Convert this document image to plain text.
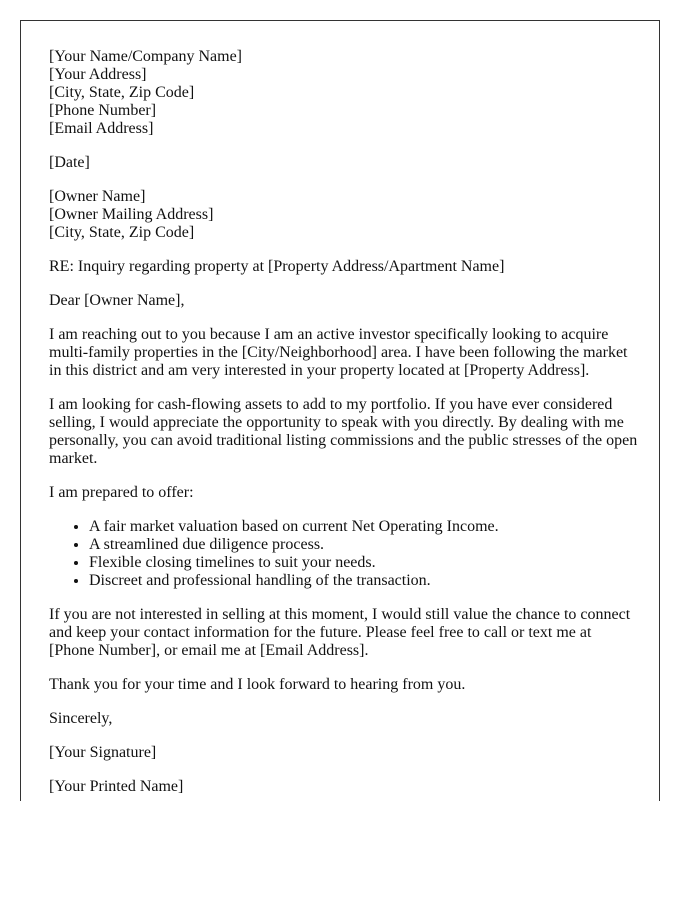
[Your Name/Company Name]
[Your Address]
[City, State, Zip Code]
[Phone Number]
[Email Address]
[Date]
[Owner Name]
[Owner Mailing Address]
[City, State, Zip Code]

RE: Inquiry regarding property at [Property Address/Apartment Name]

Dear [Owner Name],

I am reaching out to you because I am an active investor specifically looking to acquire multi-family properties in the [City/Neighborhood] area. I have been following the market in this district and am very interested in your property located at [Property Address].

I am looking for cash-flowing assets to add to my portfolio. If you have ever considered selling, I would appreciate the opportunity to speak with you directly. By dealing with me personally, you can avoid traditional listing commissions and the public stresses of the open market.

I am prepared to offer:

• A fair market valuation based on current Net Operating Income.
• A streamlined due diligence process.
• Flexible closing timelines to suit your needs.
• Discreet and professional handling of the transaction.

If you are not interested in selling at this moment, I would still value the chance to connect and keep your contact information for the future. Please feel free to call or text me at [Phone Number], or email me at [Email Address].

Thank you for your time and I look forward to hearing from you.

Sincerely,

[Your Signature]

[Your Printed Name]
